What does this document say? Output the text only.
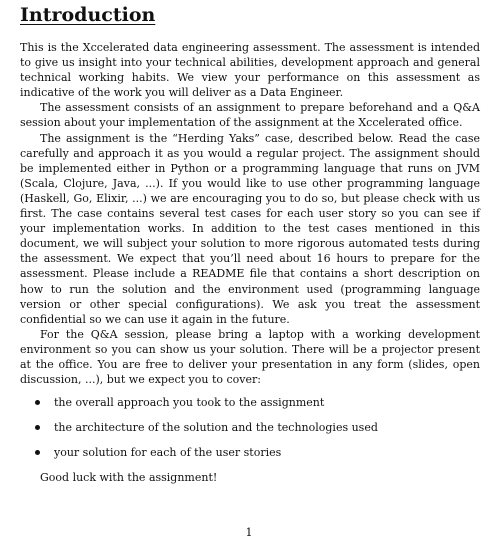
Introduction

This is the Xccelerated data engineering assessment. The assessment is intended to give us insight into your technical abilities, development approach and general technical working habits. We view your performance on this assessment as indicative of the work you will deliver as a Data Engineer.

The assessment consists of an assignment to prepare beforehand and a Q&A session about your implementation of the assignment at the Xccelerated office.

The assignment is the “Herding Yaks” case, described below. Read the case carefully and approach it as you would a regular project. The assignment should be implemented either in Python or a programming language that runs on JVM (Scala, Clojure, Java, ...). If you would like to use other programming language (Haskell, Go, Elixir, ...) we are encouraging you to do so, but please check with us first. The case contains several test cases for each user story so you can see if your implementation works. In addition to the test cases mentioned in this document, we will subject your solution to more rigorous automated tests during the assessment. We expect that you’ll need about 16 hours to prepare for the assessment. Please include a README file that contains a short description on how to run the solution and the environment used (programming language version or other special configurations). We ask you treat the assessment confidential so we can use it again in the future.

For the Q&A session, please bring a laptop with a working development environment so you can show us your solution. There will be a projector present at the office. You are free to deliver your presentation in any form (slides, open discussion, ...), but we expect you to cover:

the overall approach you took to the assignment
the architecture of the solution and the technologies used
your solution for each of the user stories

Good luck with the assignment!

1
